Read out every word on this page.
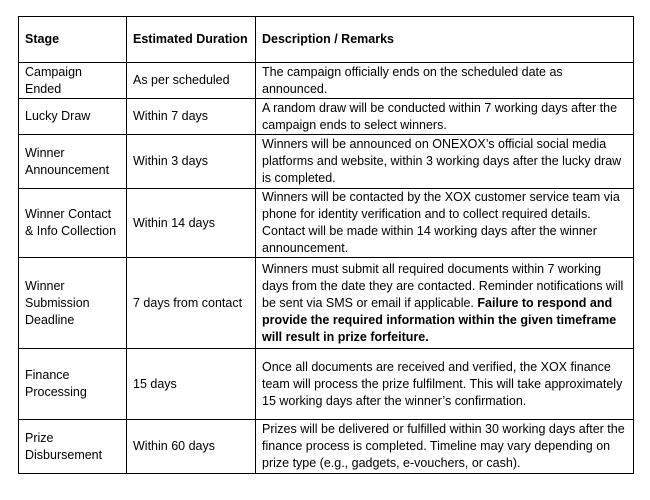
Stage	Estimated Duration	Description / Remarks
Campaign Ended	As per scheduled	The campaign officially ends on the scheduled date as announced.
Lucky Draw	Within 7 days	A random draw will be conducted within 7 working days after the campaign ends to select winners.
Winner Announcement	Within 3 days	Winners will be announced on ONEXOX’s official social media platforms and website, within 3 working days after the lucky draw is completed.
Winner Contact & Info Collection	Within 14 days	Winners will be contacted by the XOX customer service team via phone for identity verification and to collect required details. Contact will be made within 14 working days after the winner announcement.
Winner Submission Deadline	7 days from contact	Winners must submit all required documents within 7 working days from the date they are contacted. Reminder notifications will be sent via SMS or email if applicable. Failure to respond and provide the required information within the given timeframe will result in prize forfeiture.
Finance Processing	15 days	Once all documents are received and verified, the XOX finance team will process the prize fulfilment. This will take approximately 15 working days after the winner’s confirmation.
Prize Disbursement	Within 60 days	Prizes will be delivered or fulfilled within 30 working days after the finance process is completed. Timeline may vary depending on prize type (e.g., gadgets, e-vouchers, or cash).
